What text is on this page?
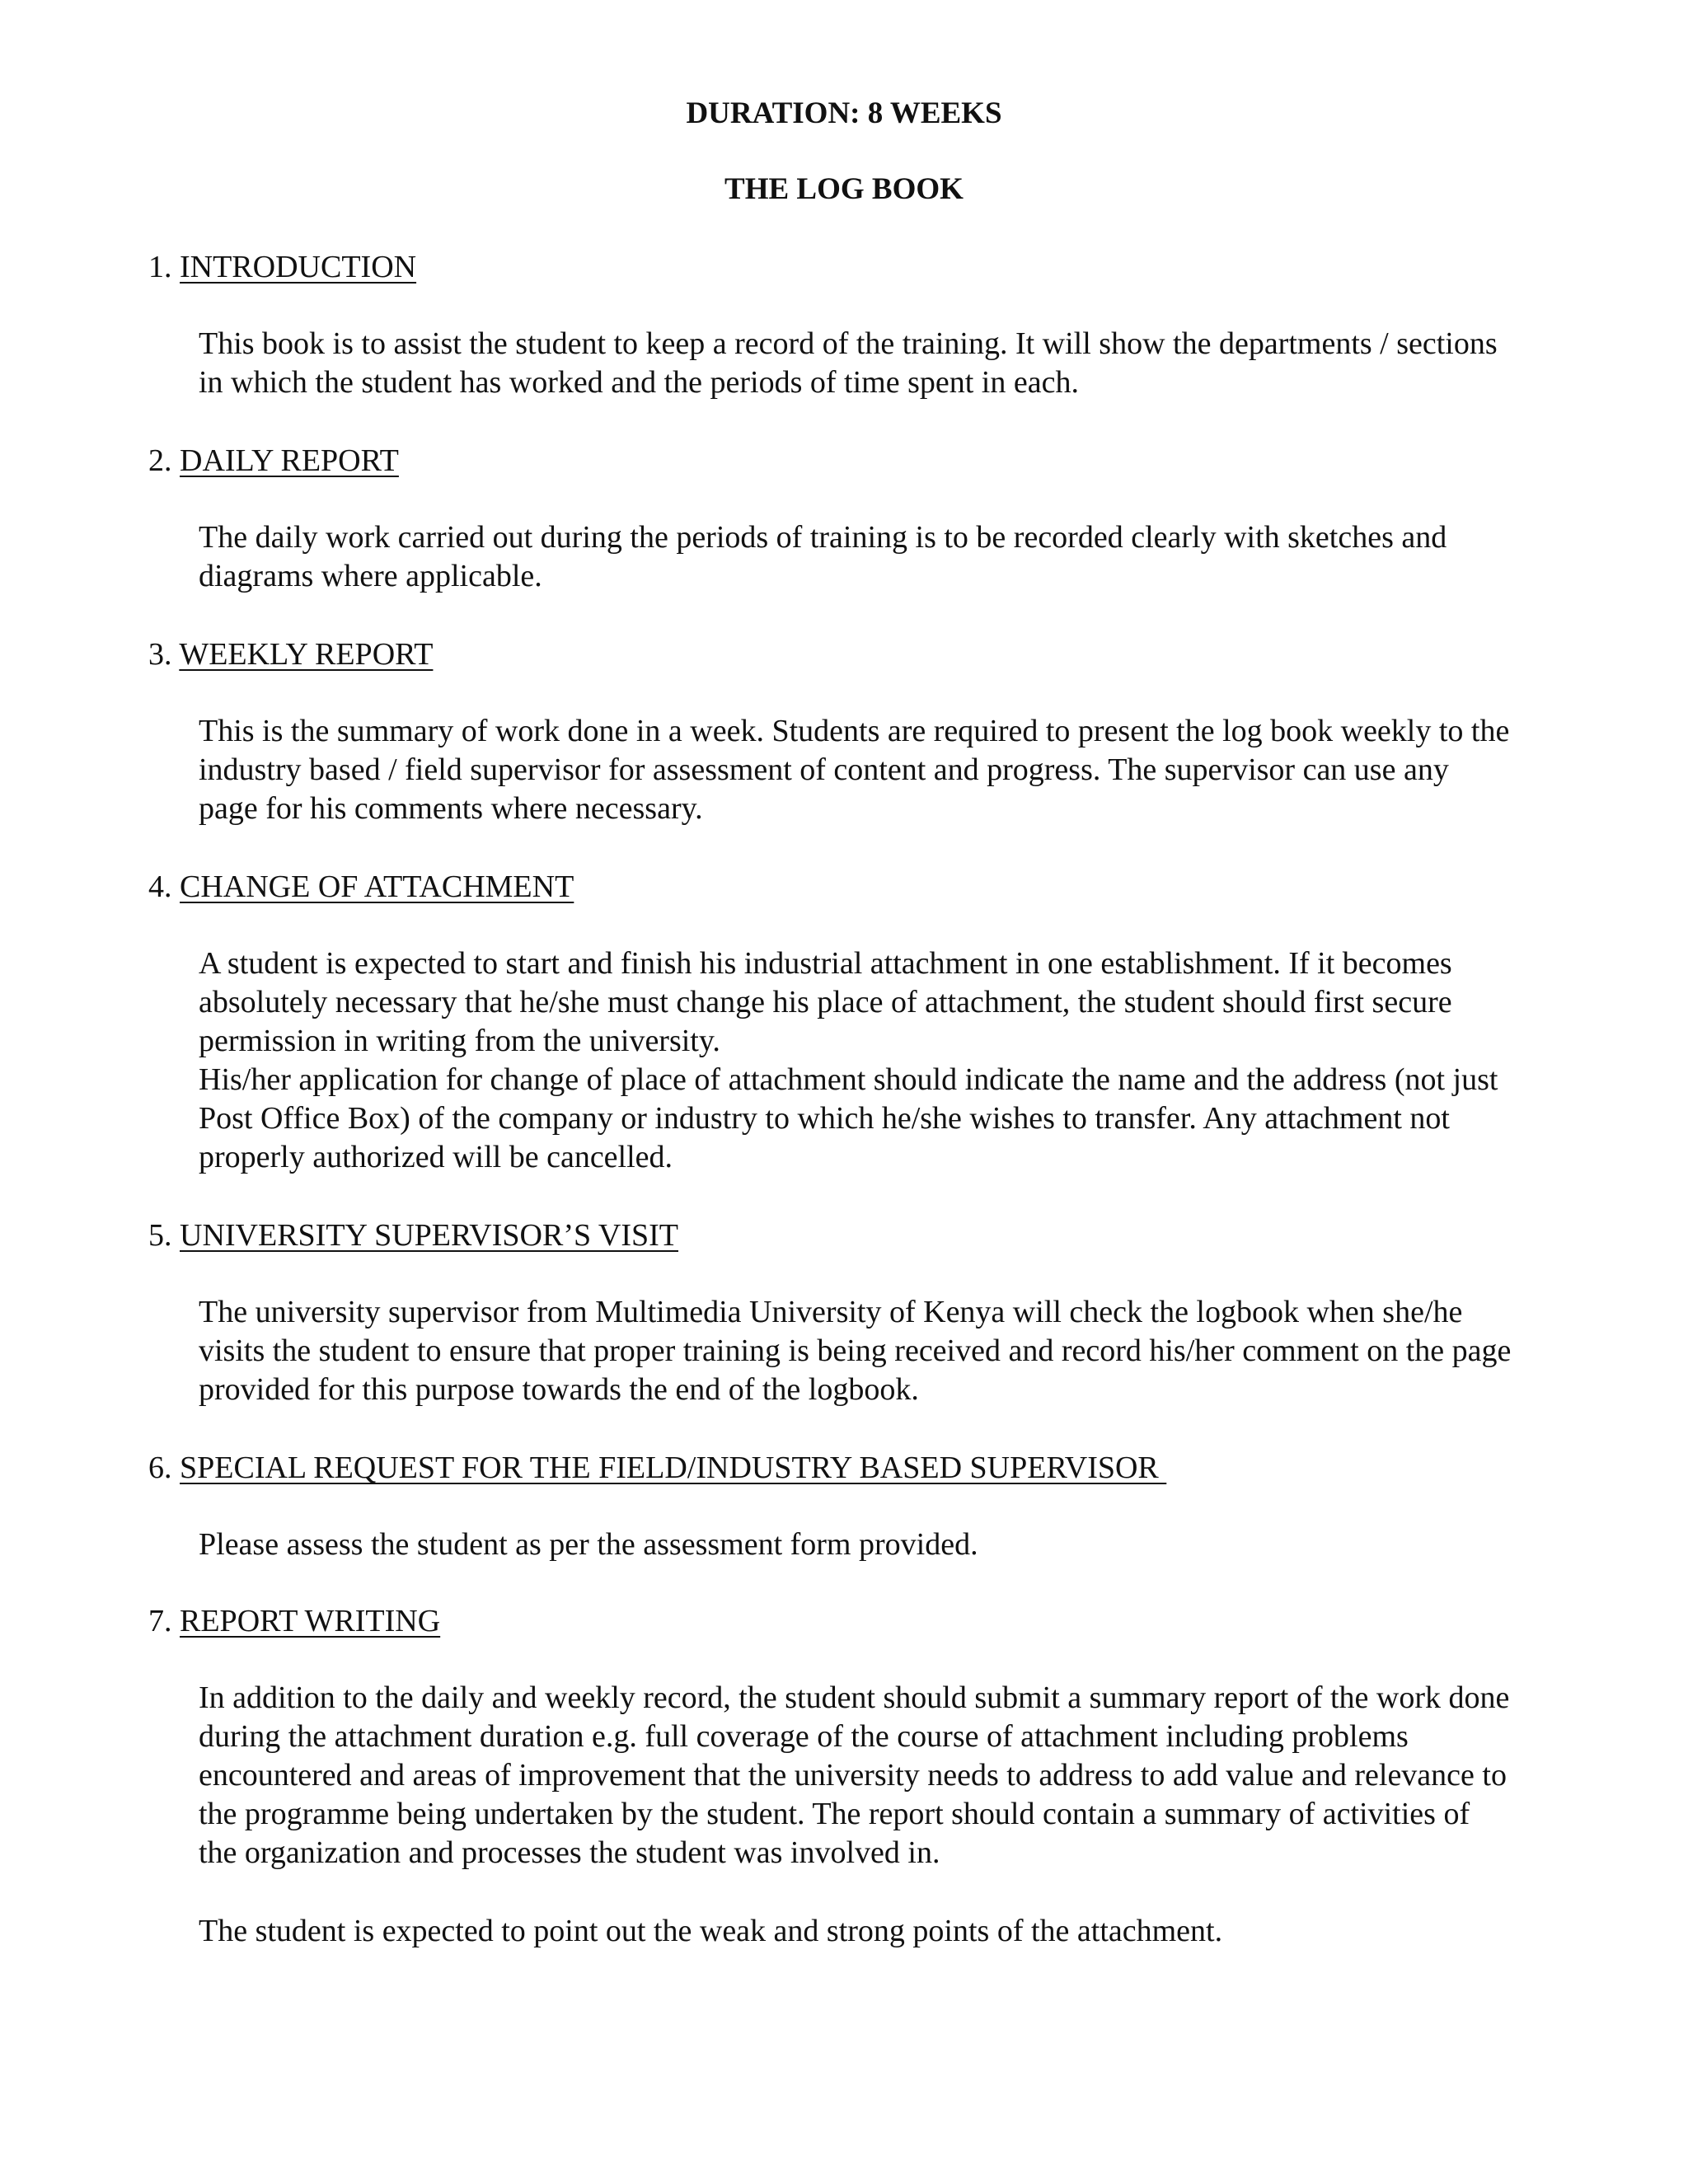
DURATION: 8 WEEKS
THE LOG BOOK
1. INTRODUCTION

This book is to assist the student to keep a record of the training. It will show the departments / sections
in which the student has worked and the periods of time spent in each.

2. DAILY REPORT

The daily work carried out during the periods of training is to be recorded clearly with sketches and
diagrams where applicable.

3. WEEKLY REPORT

This is the summary of work done in a week. Students are required to present the log book weekly to the
industry based / field supervisor for assessment of content and progress. The supervisor can use any
page for his comments where necessary.

4. CHANGE OF ATTACHMENT

A student is expected to start and finish his industrial attachment in one establishment. If it becomes
absolutely necessary that he/she must change his place of attachment, the student should first secure
permission in writing from the university.
His/her application for change of place of attachment should indicate the name and the address (not just
Post Office Box) of the company or industry to which he/she wishes to transfer. Any attachment not
properly authorized will be cancelled.

5. UNIVERSITY SUPERVISOR’S VISIT

The university supervisor from Multimedia University of Kenya will check the logbook when she/he
visits the student to ensure that proper training is being received and record his/her comment on the page
provided for this purpose towards the end of the logbook.

6. SPECIAL REQUEST FOR THE FIELD/INDUSTRY BASED SUPERVISOR

Please assess the student as per the assessment form provided.

7. REPORT WRITING

In addition to the daily and weekly record, the student should submit a summary report of the work done
during the attachment duration e.g. full coverage of the course of attachment including problems
encountered and areas of improvement that the university needs to address to add value and relevance to
the programme being undertaken by the student. The report should contain a summary of activities of
the organization and processes the student was involved in.

The student is expected to point out the weak and strong points of the attachment.
